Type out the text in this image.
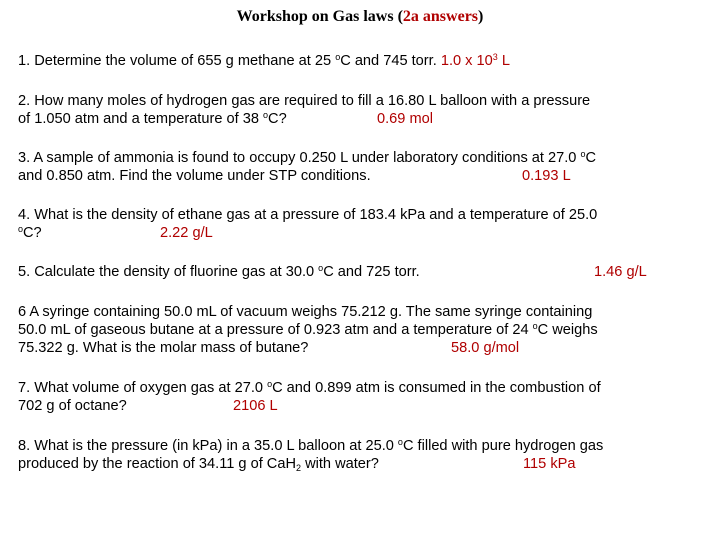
Workshop on Gas laws (2a answers)
1. Determine the volume of 655 g methane at 25 $^o$C and 745 torr. 1.0 x $10^3$ L
2. How many moles of hydrogen gas are required to fill a 16.80 L balloon with a pressure
of 1.050 atm and a temperature of 38 $^o$C?	0.69 mol
3. A sample of ammonia is found to occupy 0.250 L under laboratory conditions at 27.0 $^o$C
and 0.850 atm. Find the volume under STP conditions.	0.193 L
4. What is the density of ethane gas at a pressure of 183.4 kPa and a temperature of 25.0
$^o$C?	2.22 g/L
5. Calculate the density of fluorine gas at 30.0 $^o$C and 725 torr.	1.46 g/L
6 A syringe containing 50.0 mL of vacuum weighs 75.212 g. The same syringe containing
50.0 mL of gaseous butane at a pressure of 0.923 atm and a temperature of 24 $^o$C weighs
75.322 g. What is the molar mass of butane?	58.0 g/mol
7. What volume of oxygen gas at 27.0 $^o$C and 0.899 atm is consumed in the combustion of
702 g of octane?	2106 L
8. What is the pressure (in kPa) in a 35.0 L balloon at 25.0 $^o$C filled with pure hydrogen gas
produced by the reaction of 34.11 g of CaH$_2$ with water?	115 kPa
